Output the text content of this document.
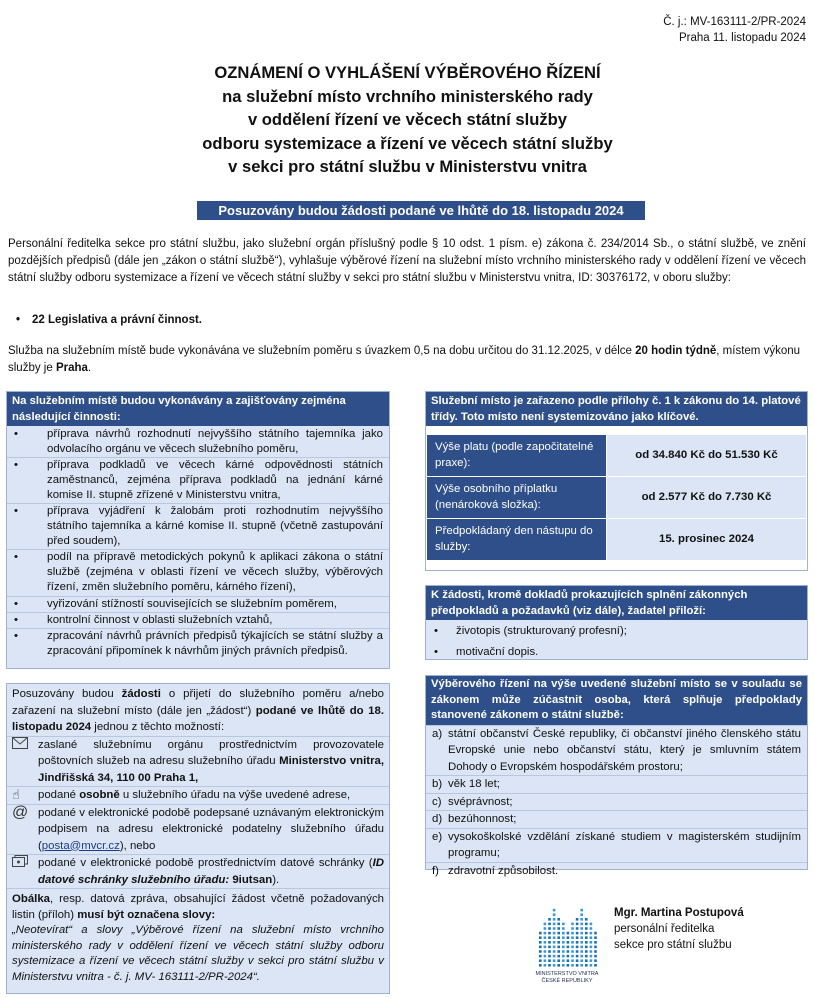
Č. j.: MV-163111-2/PR-2024
Praha 11. listopadu 2024
OZNÁMENÍ O VYHLÁŠENÍ VÝBĚROVÉHO ŘÍZENÍ
na služební místo vrchního ministerského rady
v oddělení řízení ve věcech státní služby
odboru systemizace a řízení ve věcech státní služby
v sekci pro státní službu v Ministerstvu vnitra
Posuzovány budou žádosti podané ve lhůtě do 18. listopadu 2024

Personální ředitelka sekce pro státní službu, jako služební orgán příslušný podle § 10 odst. 1 písm. e) zákona č. 234/2014 Sb., o státní službě, ve znění pozdějších předpisů (dále jen „zákon o státní službě“), vyhlašuje výběrové řízení na služební místo vrchního ministerského rady v oddělení řízení ve věcech státní služby odboru systemizace a řízení ve věcech státní služby v sekci pro státní službu v Ministerstvu vnitra, ID: 30376172, v oboru služby:

• 22 Legislativa a právní činnost.

Služba na služebním místě bude vykonávána ve služebním poměru s úvazkem 0,5 na dobu určitou do 31.12.2025, v délce 20 hodin týdně, místem výkonu služby je Praha.

Na služebním místě budou vykonávány a zajišťovány zejména následující činnosti:
• příprava návrhů rozhodnutí nejvyššího státního tajemníka jako odvolacího orgánu ve věcech služebního poměru,
• příprava podkladů ve věcech kárné odpovědnosti státních zaměstnanců, zejména příprava podkladů na jednání kárné komise II. stupně zřízené v Ministerstvu vnitra,
• příprava vyjádření k žalobám proti rozhodnutím nejvyššího státního tajemníka a kárné komise II. stupně (včetně zastupování před soudem),
• podíl na přípravě metodických pokynů k aplikaci zákona o státní službě (zejména v oblasti řízení ve věcech služby, výběrových řízení, změn služebního poměru, kárného řízení),
• vyřizování stížností souvisejících se služebním poměrem,
• kontrolní činnost v oblasti služebních vztahů,
• zpracování návrhů právních předpisů týkajících se státní služby a zpracování připomínek k návrhům jiných právních předpisů.
Služební místo je zařazeno podle přílohy č. 1 k zákonu do 14. platové třídy. Toto místo není systemizováno jako klíčové.
Výše platu (podle započitatelné praxe):	od 34.840 Kč do 51.530 Kč
Výše osobního příplatku (nenároková složka):	od 2.577 Kč do 7.730 Kč
Předpokládaný den nástupu do služby:	15. prosinec 2024
K žádosti, kromě dokladů prokazujících splnění zákonných předpokladů a požadavků (viz dále), žadatel přiloží:
• životopis (strukturovaný profesní);
• motivační dopis.
Posuzovány budou žádosti o přijetí do služebního poměru a/nebo zařazení na služební místo (dále jen „žádost“) podané ve lhůtě do 18. listopadu 2024 jednou z těchto možností:
zaslané služebnímu orgánu prostřednictvím provozovatele poštovních služeb na adresu služebního úřadu Ministerstvo vnitra, Jindřišská 34, 110 00 Praha 1,
☝	podané osobně u služebního úřadu na výše uvedené adrese,
@ podané v elektronické podobě podepsané uznávaným elektronickým podpisem na adresu elektronické podatelny služebního úřadu (posta@mvcr.cz), nebo
podané v elektronické podobě prostřednictvím datové schránky (ID datové schránky služebního úřadu: 9iutsan).
Obálka, resp. datová zpráva, obsahující žádost včetně požadovaných listin (příloh) musí být označena slovy:
„Neotevírat“ a slovy „Výběrové řízení na služební místo vrchního ministerského rady v oddělení řízení ve věcech státní služby odboru systemizace a řízení ve věcech státní služby v sekci pro státní službu v Ministerstvu vnitra - č. j. MV- 163111-2/PR-2024“.
Výběrového řízení na výše uvedené služební místo se v souladu se zákonem může zúčastnit osoba, která splňuje předpoklady stanovené zákonem o státní službě:
a) státní občanství České republiky, či občanství jiného členského státu Evropské unie nebo občanství státu, který je smluvním státem Dohody o Evropském hospodářském prostoru;
b) věk 18 let;
c) svéprávnost;
d) bezúhonnost;
e) vysokoškolské vzdělání získané studiem v magisterském studijním programu;
f) zdravotní způsobilost.
MINISTERSTVO VNITRA
ČESKÉ REPUBLIKY
Mgr. Martina Postupová
personální ředitelka
sekce pro státní službu
